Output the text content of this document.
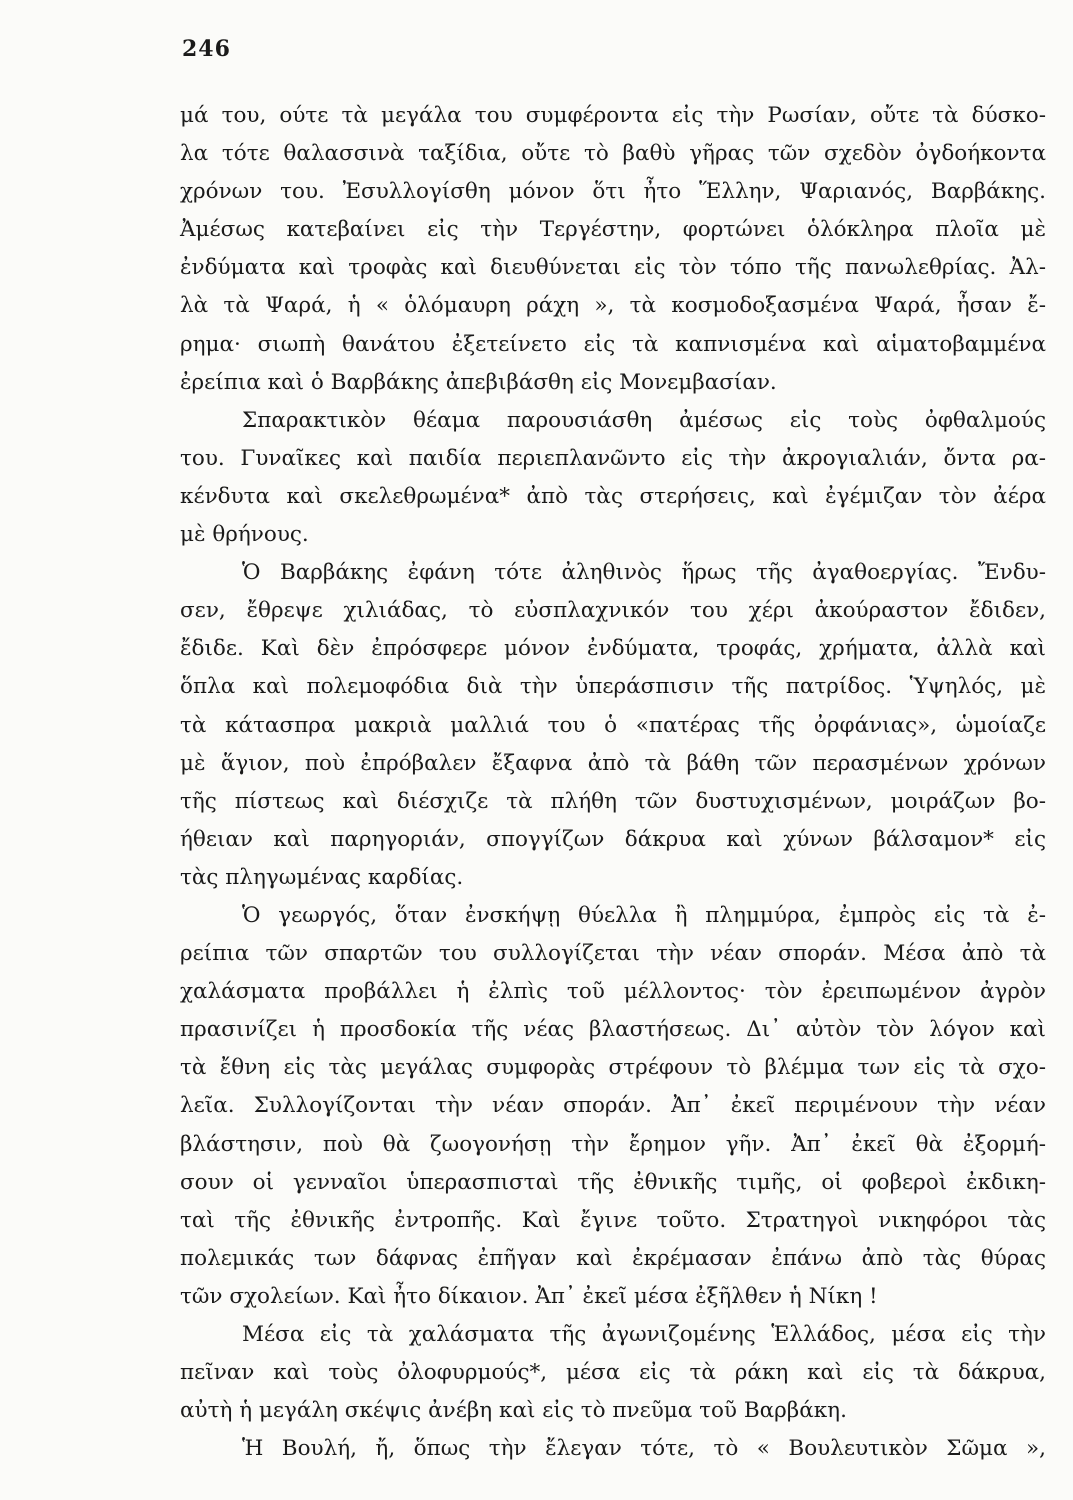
246
μά του, ούτε τὰ μεγάλα του συμφέροντα εἰς τὴν Ρωσίαν, οὔτε τὰ δύσκο-
λα τότε θαλασσινὰ ταξίδια, οὔτε τὸ βαθὺ γῆρας τῶν σχεδὸν ὀγδοήκοντα
χρόνων του. Ἐσυλλογίσθη μόνον ὅτι ἦτο Ἕλλην, Ψαριανός, Βαρβάκης.
Ἀμέσως κατεβαίνει εἰς τὴν Τεργέστην, φορτώνει ὁλόκληρα πλοῖα μὲ
ἐνδύματα καὶ τροφὰς καὶ διευθύνεται εἰς τὸν τόπο τῆς πανωλεθρίας. Ἀλ-
λὰ τὰ Ψαρά, ἡ « ὁλόμαυρη ράχη », τὰ κοσμοδοξασμένα Ψαρά, ἦσαν ἔ-
ρημα· σιωπὴ θανάτου ἐξετείνετο εἰς τὰ καπνισμένα καὶ αἱματοβαμμένα
ἐρείπια καὶ ὁ Βαρβάκης ἀπεβιβάσθη εἰς Μονεμβασίαν.
Σπαρακτικὸν θέαμα παρουσιάσθη ἀμέσως εἰς τοὺς ὀφθαλμούς
του. Γυναῖκες καὶ παιδία περιεπλανῶντο εἰς τὴν ἀκρογιαλιάν, ὄντα ρα-
κένδυτα καὶ σκελεθρωμένα* ἀπὸ τὰς στερήσεις, καὶ ἐγέμιζαν τὸν ἀέρα
μὲ θρήνους.
Ὁ Βαρβάκης ἐφάνη τότε ἀληθινὸς ἥρως τῆς ἀγαθοεργίας. Ἔνδυ-
σεν, ἔθρεψε χιλιάδας, τὸ εὐσπλαχνικόν του χέρι ἀκούραστον ἔδιδεν,
ἔδιδε. Καὶ δὲν ἐπρόσφερε μόνον ἐνδύματα, τροφάς, χρήματα, ἀλλὰ καὶ
ὅπλα καὶ πολεμοφόδια διὰ τὴν ὑπεράσπισιν τῆς πατρίδος. Ὑψηλός, μὲ
τὰ κάτασπρα μακριὰ μαλλιά του ὁ «πατέρας τῆς ὀρφάνιας», ὡμοίαζε
μὲ ἅγιον, ποὺ ἐπρόβαλεν ἔξαφνα ἀπὸ τὰ βάθη τῶν περασμένων χρόνων
τῆς πίστεως καὶ διέσχιζε τὰ πλήθη τῶν δυστυχισμένων, μοιράζων βο-
ήθειαν καὶ παρηγοριάν, σπογγίζων δάκρυα καὶ χύνων βάλσαμον* εἰς
τὰς πληγωμένας καρδίας.
Ὁ γεωργός, ὅταν ἐνσκήψῃ θύελλα ἢ πλημμύρα, ἐμπρὸς εἰς τὰ ἐ-
ρείπια τῶν σπαρτῶν του συλλογίζεται τὴν νέαν σποράν. Μέσα ἀπὸ τὰ
χαλάσματα προβάλλει ἡ ἐλπὶς τοῦ μέλλοντος· τὸν ἐρειπωμένον ἀγρὸν
πρασινίζει ἡ προσδοκία τῆς νέας βλαστήσεως. Δι᾽ αὐτὸν τὸν λόγον καὶ
τὰ ἔθνη εἰς τὰς μεγάλας συμφορὰς στρέφουν τὸ βλέμμα των εἰς τὰ σχο-
λεῖα. Συλλογίζονται τὴν νέαν σποράν. Ἀπ᾽ ἐκεῖ περιμένουν τὴν νέαν
βλάστησιν, ποὺ θὰ ζωογονήσῃ τὴν ἔρημον γῆν. Ἀπ᾽ ἐκεῖ θὰ ἐξορμή-
σουν οἱ γενναῖοι ὑπερασπισταὶ τῆς ἐθνικῆς τιμῆς, οἱ φοβεροὶ ἐκδικη-
ταὶ τῆς ἐθνικῆς ἐντροπῆς. Καὶ ἔγινε τοῦτο. Στρατηγοὶ νικηφόροι τὰς
πολεμικάς των δάφνας ἐπῆγαν καὶ ἐκρέμασαν ἐπάνω ἀπὸ τὰς θύρας
τῶν σχολείων. Καὶ ἦτο δίκαιον. Ἀπ᾽ ἐκεῖ μέσα ἐξῆλθεν ἡ Νίκη !
Μέσα εἰς τὰ χαλάσματα τῆς ἀγωνιζομένης Ἑλλάδος, μέσα εἰς τὴν
πεῖναν καὶ τοὺς ὀλοφυρμούς*, μέσα εἰς τὰ ράκη καὶ εἰς τὰ δάκρυα,
αὐτὴ ἡ μεγάλη σκέψις ἀνέβη καὶ εἰς τὸ πνεῦμα τοῦ Βαρβάκη.
Ἡ Βουλή, ἤ, ὅπως τὴν ἔλεγαν τότε, τὸ « Βουλευτικὸν Σῶμα »,
